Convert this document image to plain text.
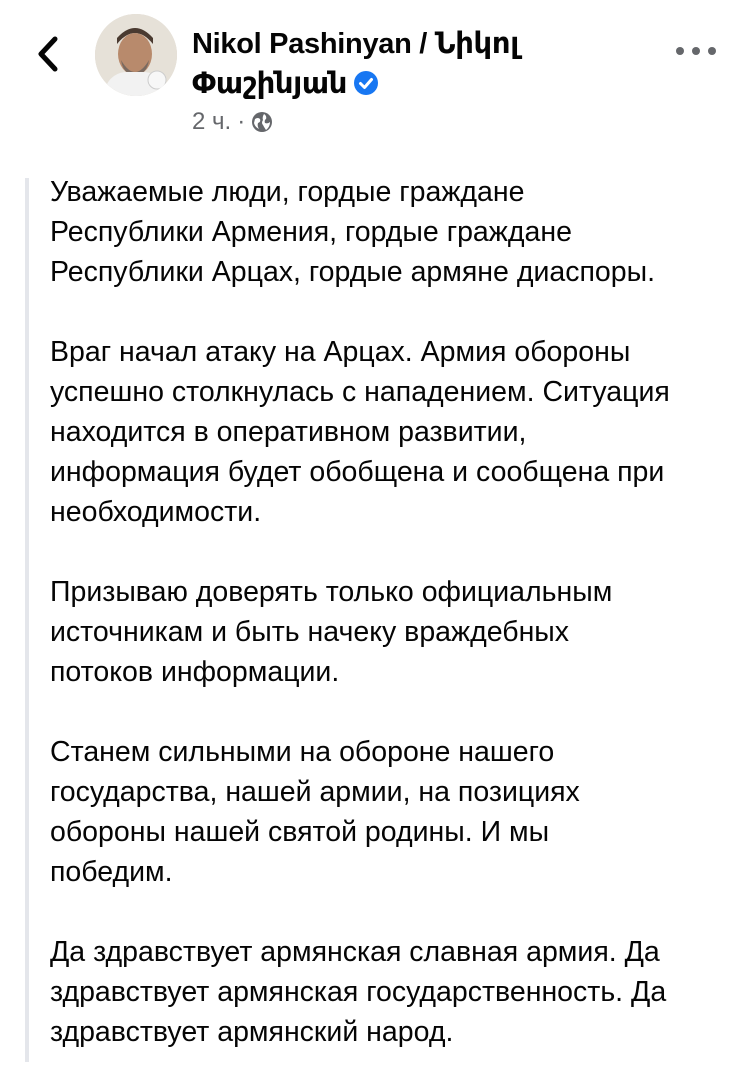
Nikol Pashinyan / Նիկոլ Փաշինյան
2 ч. ·

Уважаемые люди, гордые граждане
Республики Армения, гордые граждане
Республики Арцах, гордые армяне диаспоры.

Враг начал атаку на Арцах. Армия обороны
успешно столкнулась с нападением. Ситуация
находится в оперативном развитии,
информация будет обобщена и сообщена при
необходимости.

Призываю доверять только официальным
источникам и быть начеку враждебных
потоков информации.

Станем сильными на обороне нашего
государства, нашей армии, на позициях
обороны нашей святой родины. И мы
победим.

Да здравствует армянская славная армия. Да
здравствует армянская государственность. Да
здравствует армянский народ.
